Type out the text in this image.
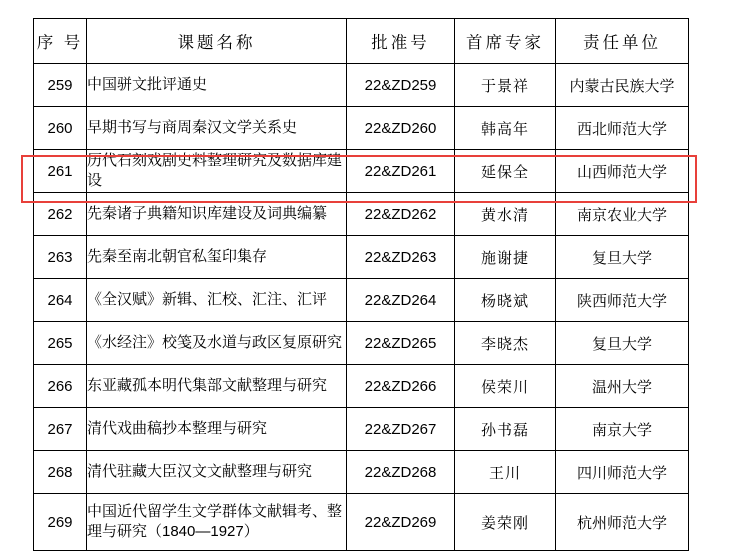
序 号	课题名称	批准号	首席专家	责任单位
259	中国骈文批评通史	22&ZD259	于景祥	内蒙古民族大学
260	早期书写与商周秦汉文学关系史	22&ZD260	韩高年	西北师范大学
261	历代石刻戏剧史料整理研究及数据库建设	22&ZD261	延保全	山西师范大学
262	先秦诸子典籍知识库建设及词典编纂	22&ZD262	黄水清	南京农业大学
263	先秦至南北朝官私玺印集存	22&ZD263	施谢捷	复旦大学
264	《全汉赋》新辑、汇校、汇注、汇评	22&ZD264	杨晓斌	陕西师范大学
265	《水经注》校笺及水道与政区复原研究	22&ZD265	李晓杰	复旦大学
266	东亚藏孤本明代集部文献整理与研究	22&ZD266	侯荣川	温州大学
267	清代戏曲稿抄本整理与研究	22&ZD267	孙书磊	南京大学
268	清代驻藏大臣汉文文献整理与研究	22&ZD268	王川	四川师范大学
269	中国近代留学生文学群体文献辑考、整理与研究（1840—1927）	22&ZD269	姜荣刚	杭州师范大学
